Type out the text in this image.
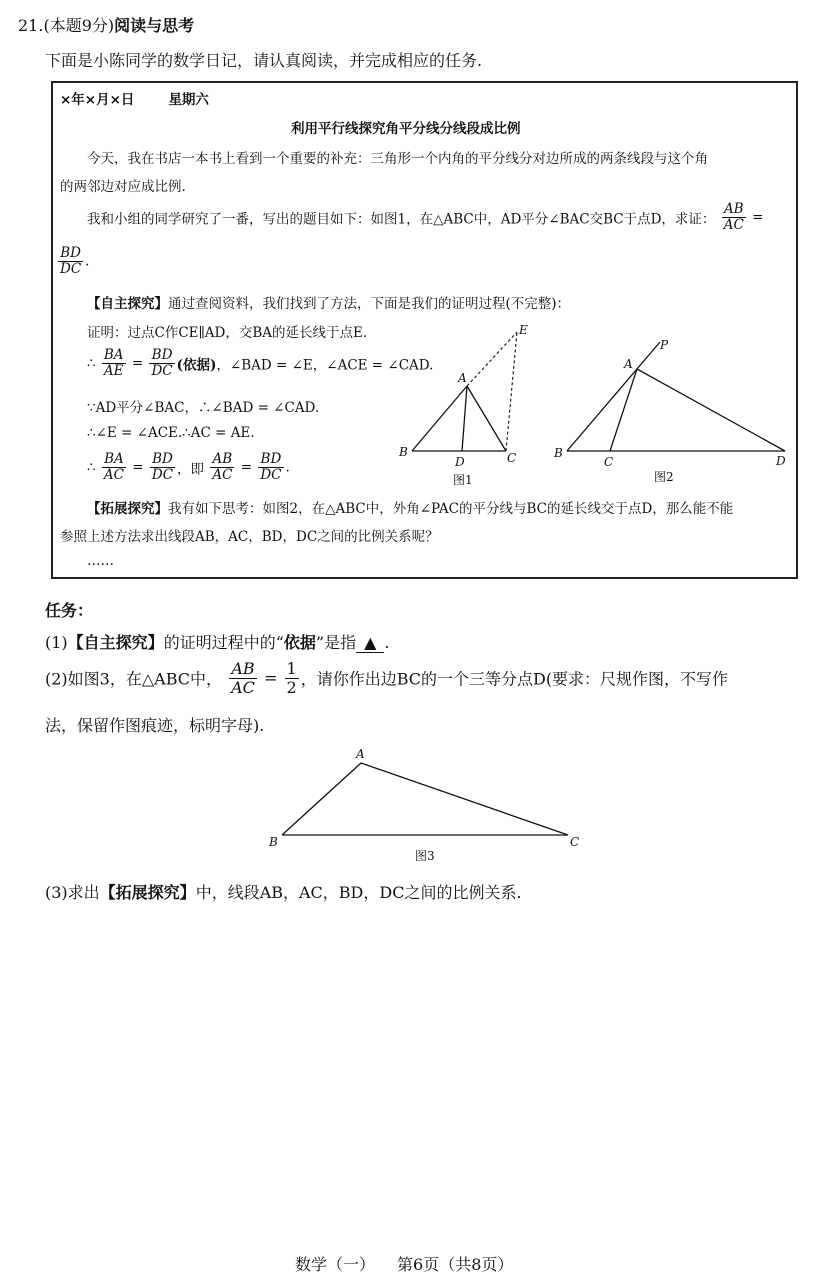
21.(本题9分)阅读与思考
下面是小陈同学的数学日记，请认真阅读，并完成相应的任务.
×年×月×日	星期六
利用平行线探究角平分线分线段成比例
今天，我在书店一本书上看到一个重要的补充：三角形一个内角的平分线分对边所成的两条线段与这个角
的两邻边对应成比例.
我和小组的同学研究了一番，写出的题目如下：如图1，在△ABC中，AD平分∠BAC交BC于点D，求证： $\frac{AB}{AC}$ =
$\frac{BD}{DC}$ .
【自主探究】通过查阅资料，我们找到了方法，下面是我们的证明过程(不完整)：
证明：过点C作CE∥AD，交BA的延长线于点E.
∴ $\frac{BA}{AE} = \frac{BD}{DC}$ (依据)，∠BAD = ∠E，∠ACE = ∠CAD.
∵AD平分∠BAC，∴∠BAD = ∠CAD.
∴∠E = ∠ACE.∴AC = AE.
∴ $\frac{BA}{AC} = \frac{BD}{DC}$ ，即 $\frac{AB}{AC} = \frac{BD}{DC}$ .
【拓展探究】我有如下思考：如图2，在△ABC中，外角∠PAC的平分线与BC的延长线交于点D，那么能不能
参照上述方法求出线段AB，AC，BD，DC之间的比例关系呢？
……
A
B	C
D
E
图1
A
P
B
C	D
图2
任务：
(1)【自主探究】的证明过程中的“依据”是指 ▲ .
(2)如图3，在△ABC中， $\frac{AB}{AC} = \frac{1}{2}$ ，请你作出边BC的一个三等分点D(要求：尺规作图，不写作
法，保留作图痕迹，标明字母).
A
B	C
图3
(3)求出【拓展探究】中，线段AB，AC，BD，DC之间的比例关系.
数学（一） 第6页（共8页）
